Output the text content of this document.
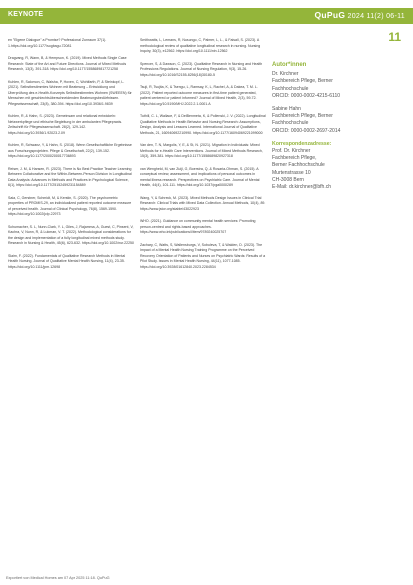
KEYNOTE	QuPuG 2024 11(2) 06-11
11

en "Eigene Dialogue" a Promise? Professional Zunraum 37(1). 1.https://doi.org/10.1177/sogbagu.72081

Dragvang, R, Wann, B, & Hempson, K. (2019). Mixed Methods Single Case Research: State of the Art and Future Directions. Journal of Mixed Methods Research, 13(3), 391-318. https://doi.org/10.1177/1558689817721258

Kuhlen, R, Salomon, C, Walsha, P, Hoven, C, Wohlfarth, P, & Steinkopf, L. (2021). Selbstbestimmtes Wohnen mit Beatmung – Entwicklung und Überprüfung des e-Health-Konzepts Selbstbestimmtes Wohnen (SWEEEN) für Menschen mit geschlechtsüberschneidenden Beatmungsbedürfnissen. Pflegewissenschaft, 23(8), 380-394. https://doi.org/10.3936/1.9839

Kuhlen, R, & Hahn, S. (2023). Gemeinsam und relational entwickeln: Netzwerkpflege und ethische Begleitung in der ambulanten Pflegepraxis. Zeitschrift für Pflegewissenschaft. 28(2), 129-142. https://doi.org/10.3936/1.92023.2.09

Kuhlen, R, Schwanz, Y, & Hahn, S. (2018). Wenn Gesellschaftliche Ergebnisse aus Forschungsprojekten. Pflege & Gesellschaft, 22(2), 139-152. https://doi.org/10.1177/2000200017736893

Reiser, J. M, & Hansen, R. (2023). There is No Best Practice Teacher Learning Between Collaborative and the Within-Between-Person Division in Longitudinal Data Analysis: Advances in Methods and Practices in Psychological Science, 6(1), https://doi.org/10.1177/25152459231154889

Saia, C, Gerstner, Schmidt, M, & Kerstin, S. (2020). The psychometric properties of PROMIS-29, an individualized patient reported outcome measure of perceived health. Journal of Clinical Psychology, 76(8), 1569-1590. https://doi.org/10.1002/jclp.22973

Schumacher, S. L, Nunn-Clark, Y. L, Giles, J, Rajamma, A, Guest, C, Pinsent, V, Kachra, V, Nunn, R, & Lukman, V. T. (2022). Methodological considerations for the design and implementation of a fully longitudinal mixed methods study. Research in Nursing & Health, 45(6), 623-632. https://doi.org/10.1002/nur.22250

Slaim, F. (2022). Fundamentals of Qualitative Research Methods in Mental Health Nursing. Journal of Qualitative Mental Health Nursing, 11(4), 23-35. https://doi.org/10.1111/jpm.12698

Smithwatts, L, Lemans, R, Nusungo, C, Palmer, L, L., & Faisall, S. (2023). A methodological review of qualitative longitudinal research in nursing. Nursing Inquiry, 30(3), e12562. https://doi.org/10.1111/nin.12562

Spencer, S, & Dawson, C. (2023). Qualitative Research in Nursing and Health Professions Regulations. Journal of Nursing Regulation, 9(3), 15-26. https://doi.org/10.1016/S2155-8256(18)30180-5

Tsuji, R, Tsujita, K, & Tsengu, L, Ramsay, K, L, Rachel, A, & Dakea, T. M. L. (2022). Patient reported outcome measures in first-time patient generated, patient centered or patient informed? Journal of Mixed Health, 2(3), 59-72. https://doi.org/10.5190/MHJ.2022.2.1.0001.A

Tuthill, C. L, Wallace, F, & DelBenmeta, K, & Pollenski, J. V. (2022). Longitudinal Qualitative Methods in Health Behavior and Nursing Research: Assumptions, Design, Analysis and Lessons Learned. International Journal of Qualitative Methods, 21, 160940692210990. https://doi.org/10.1177/16094069221099000

Van den, T. N, Margolis, Y, E, & St, N. (2021). Migration in Individuals: Mixed Methods for e-Health Care Interventions. Journal of Mixed Methods Research, 15(3), 359-381. https://doi.org/10.1177/1558689820927318

van Wengheld, M, van Zuijl, G, Boerstra, Q, & Rosaria-Ohman, S. (2015). A conceptual review, assessment, and implications of personal outcomes in mental illness research. Perspectives on Psychiatric Care. Journal of Mental Health, 44(4), 101-111. https://doi.org/10.1037/pga0000289

Wang, Y, & Schreck, M. (2023). Mixed Methods Design Issues in Clinical Trial Research: Clinical Trials with Mixed Data Collection. Annual Methods, 10(4), 89. https://www.jstor.org/stable/43022923

WHO. (2021). Guidance on community mental health services: Promoting person-centred and rights-based approaches. https://www.who.int/publications/i/item/9789240025707

Zachary, C, Watts, S, Wallensburgs, V, Sobuleva, T, & Walden, D. (2023). The Impact of a Mental Health Nursing Training Programme on the Perceived Recovery Orientation of Patients and Nurses on Psychiatric Wards: Results of a Pilot Study. Issues in Mental Health Nursing, 44(11), 1077-1085. https://doi.org/10.3928/01612840.2023.2284534

Autor*innen
Dr. Kirchner
Fachbereich Pflege, Berner
Fachhochschule
ORCID: 0000-0002-4215-6110
Sabine Hahn
Fachbereich Pflege, Berner
Fachhochschule
ORCID: 0000-0002-2697-2014
Korrespondenzadresse:
Prof. Dr. Kirchner
Fachbereich Pflege,
Berner Fachhochschule
Murtenstrasse 10
CH-3008 Bern
E-Mail: dr.kirchner@bfh.ch
Exportiert von Medical Homes am 07 Apr 2025 11:18. QuPuG
